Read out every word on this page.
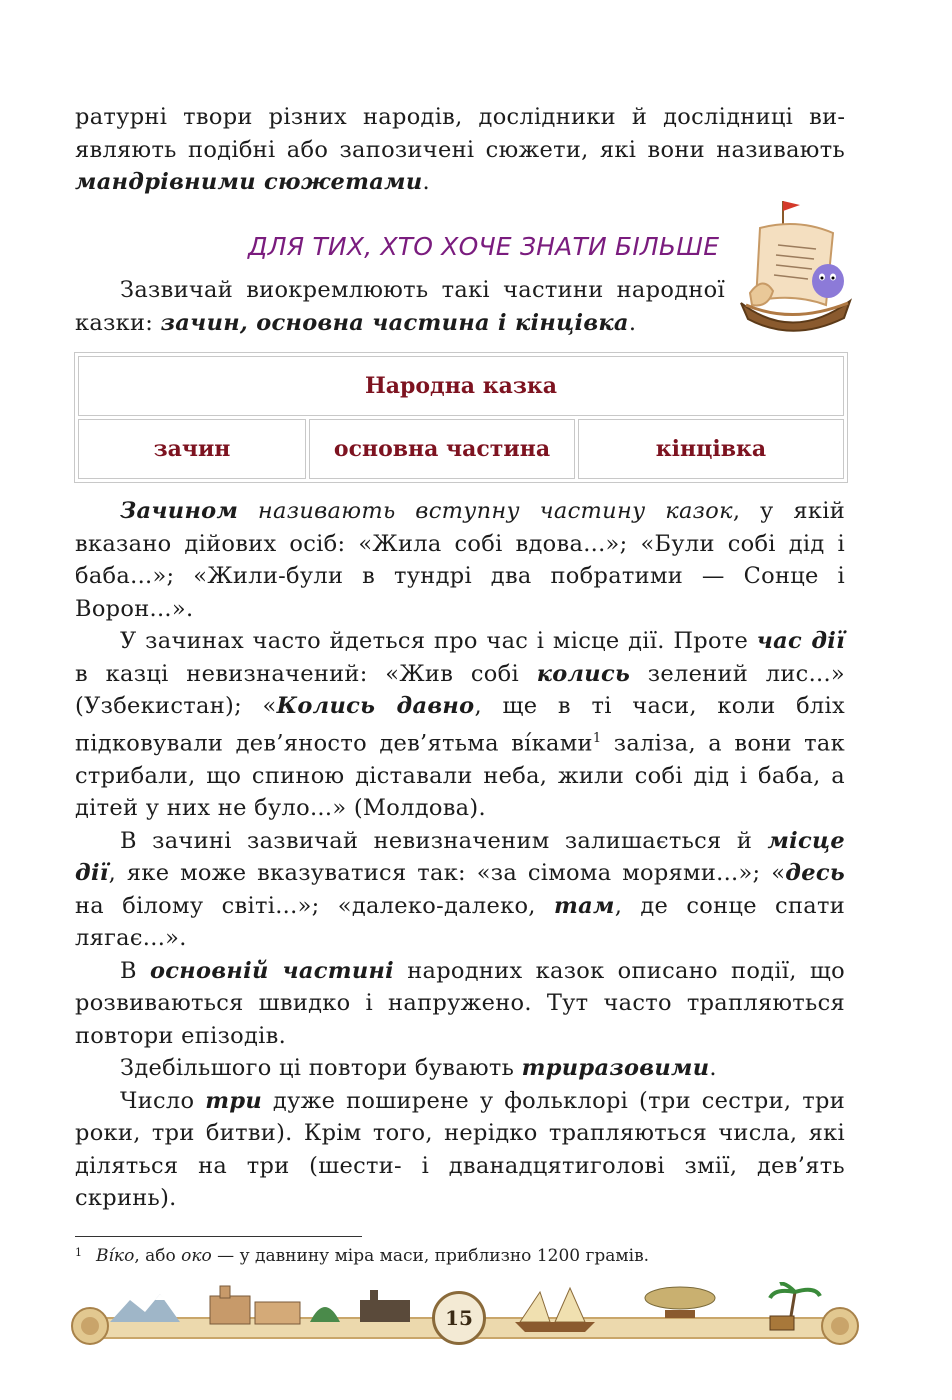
ратурні твори різних народів, дослідники й дослідниці виявляють подібні або запозичені сюжети, які вони називають мандрівними сюжетами.

ДЛЯ ТИХ, ХТО ХОЧЕ ЗНАТИ БІЛЬШЕ

Зазвичай виокремлюють такі частини народної казки: зачин, основна частина і кінцівка.

Народна казка
зачин	основна частина	кінцівка

Зачином називають вступну частину казок, у якій вказано дійових осіб: «Жила собі вдова...»; «Були собі дід і баба...»; «Жили-були в тундрі два побратими — Сонце і Ворон...».

У зачинах часто йдеться про час і місце дії. Проте час дії в казці невизначений: «Жив собі колись зелений лис...» (Узбекистан); «Колись давно, ще в ті часи, коли бліх підковували дев’яносто дев’ятьма ві́ками$^1$ заліза, а вони так стрибали, що спиною діставали неба, жили собі дід і баба, а дітей у них не було...» (Молдова).

В зачині зазвичай невизначеним залишається й місце дії, яке може вказуватися так: «за сімома морями...»; «десь на білому світі...»; «далеко-далеко, там, де сонце спати лягає...».

В основній частині народних казок описано події, що розвиваються швидко і напружено. Тут часто трапляються повтори епізодів.

Здебільшого ці повтори бувають триразовими.

Число три дуже поширене у фольклорі (три сестри, три роки, три битви). Крім того, нерідко трапляються числа, які діляться на три (шести- і дванадцятиголові змії, дев’ять скринь).

$^1$ Ві́ко, або око — у давнину міра маси, приблизно 1200 грамів.
15
